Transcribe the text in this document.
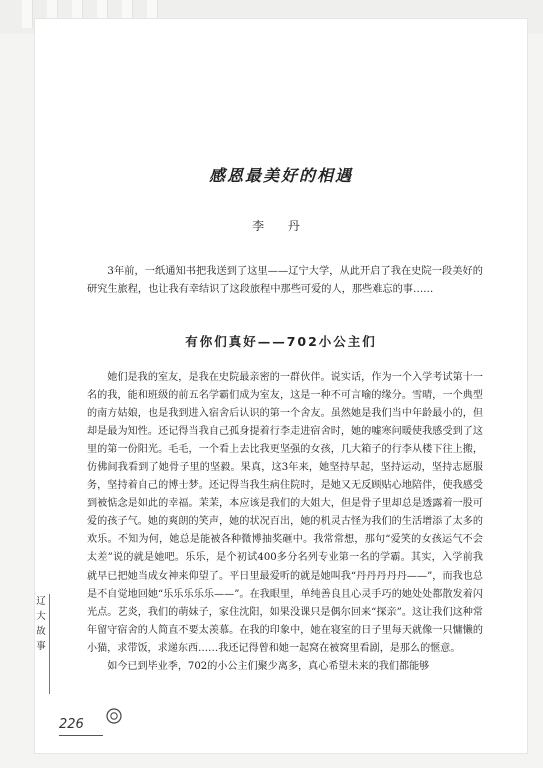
感恩最美好的相遇
李 丹
3年前，一纸通知书把我送到了这里——辽宁大学，从此开启了我在史院一段美好的研究生旅程，也让我有幸结识了这段旅程中那些可爱的人，那些难忘的事……
有你们真好——702小公主们

她们是我的室友，是我在史院最亲密的一群伙伴。说实话，作为一个入学考试第十一名的我，能和班级的前五名学霸们成为室友，这是一种不可言喻的缘分。雪晴，一个典型的南方姑娘，也是我到进入宿舍后认识的第一个舍友。虽然她是我们当中年龄最小的，但却是最为知性。还记得当我自己孤身提着行李走进宿舍时，她的嘘寒问暖使我感受到了这里的第一份阳光。毛毛，一个看上去比我更坚强的女孩，几大箱子的行李从楼下往上搬，仿佛间我看到了她骨子里的坚毅。果真，这3年来，她坚持早起，坚持运动，坚持志愿服务，坚持着自己的博士梦。还记得当我生病住院时，是她又无反顾贴心地陪伴，使我感受到被惦念是如此的幸福。茉茉，本应该是我们的大姐大，但是骨子里却总是透露着一股可爱的孩子气。她的爽朗的笑声，她的状况百出，她的机灵古怪为我们的生活增添了太多的欢乐。不知为何，她总是能被各种微博抽奖砸中。我常常想，那句“爱笑的女孩运气不会太差”说的就是她吧。乐乐，是个初试400多分名列专业第一名的学霸。其实，入学前我就早已把她当成女神来仰望了。平日里最爱听的就是她叫我“丹丹丹丹丹——”，而我也总是不自觉地回她“乐乐乐乐乐——”。在我眼里，单纯善良且心灵手巧的她处处都散发着闪光点。艺炎，我们的萌妹子，家住沈阳，如果没课只是偶尔回来“探亲”。这让我们这种常年留守宿舍的人简直不要太羡慕。在我的印象中，她在寝室的日子里每天就像一只慵懒的小猫，求带饭，求递东西……我还记得曾和她一起窝在被窝里看剧，是那么的惬意。

如今已到毕业季，702的小公主们聚少离多，真心希望未来的我们都能够

辽
大
故
事
226
